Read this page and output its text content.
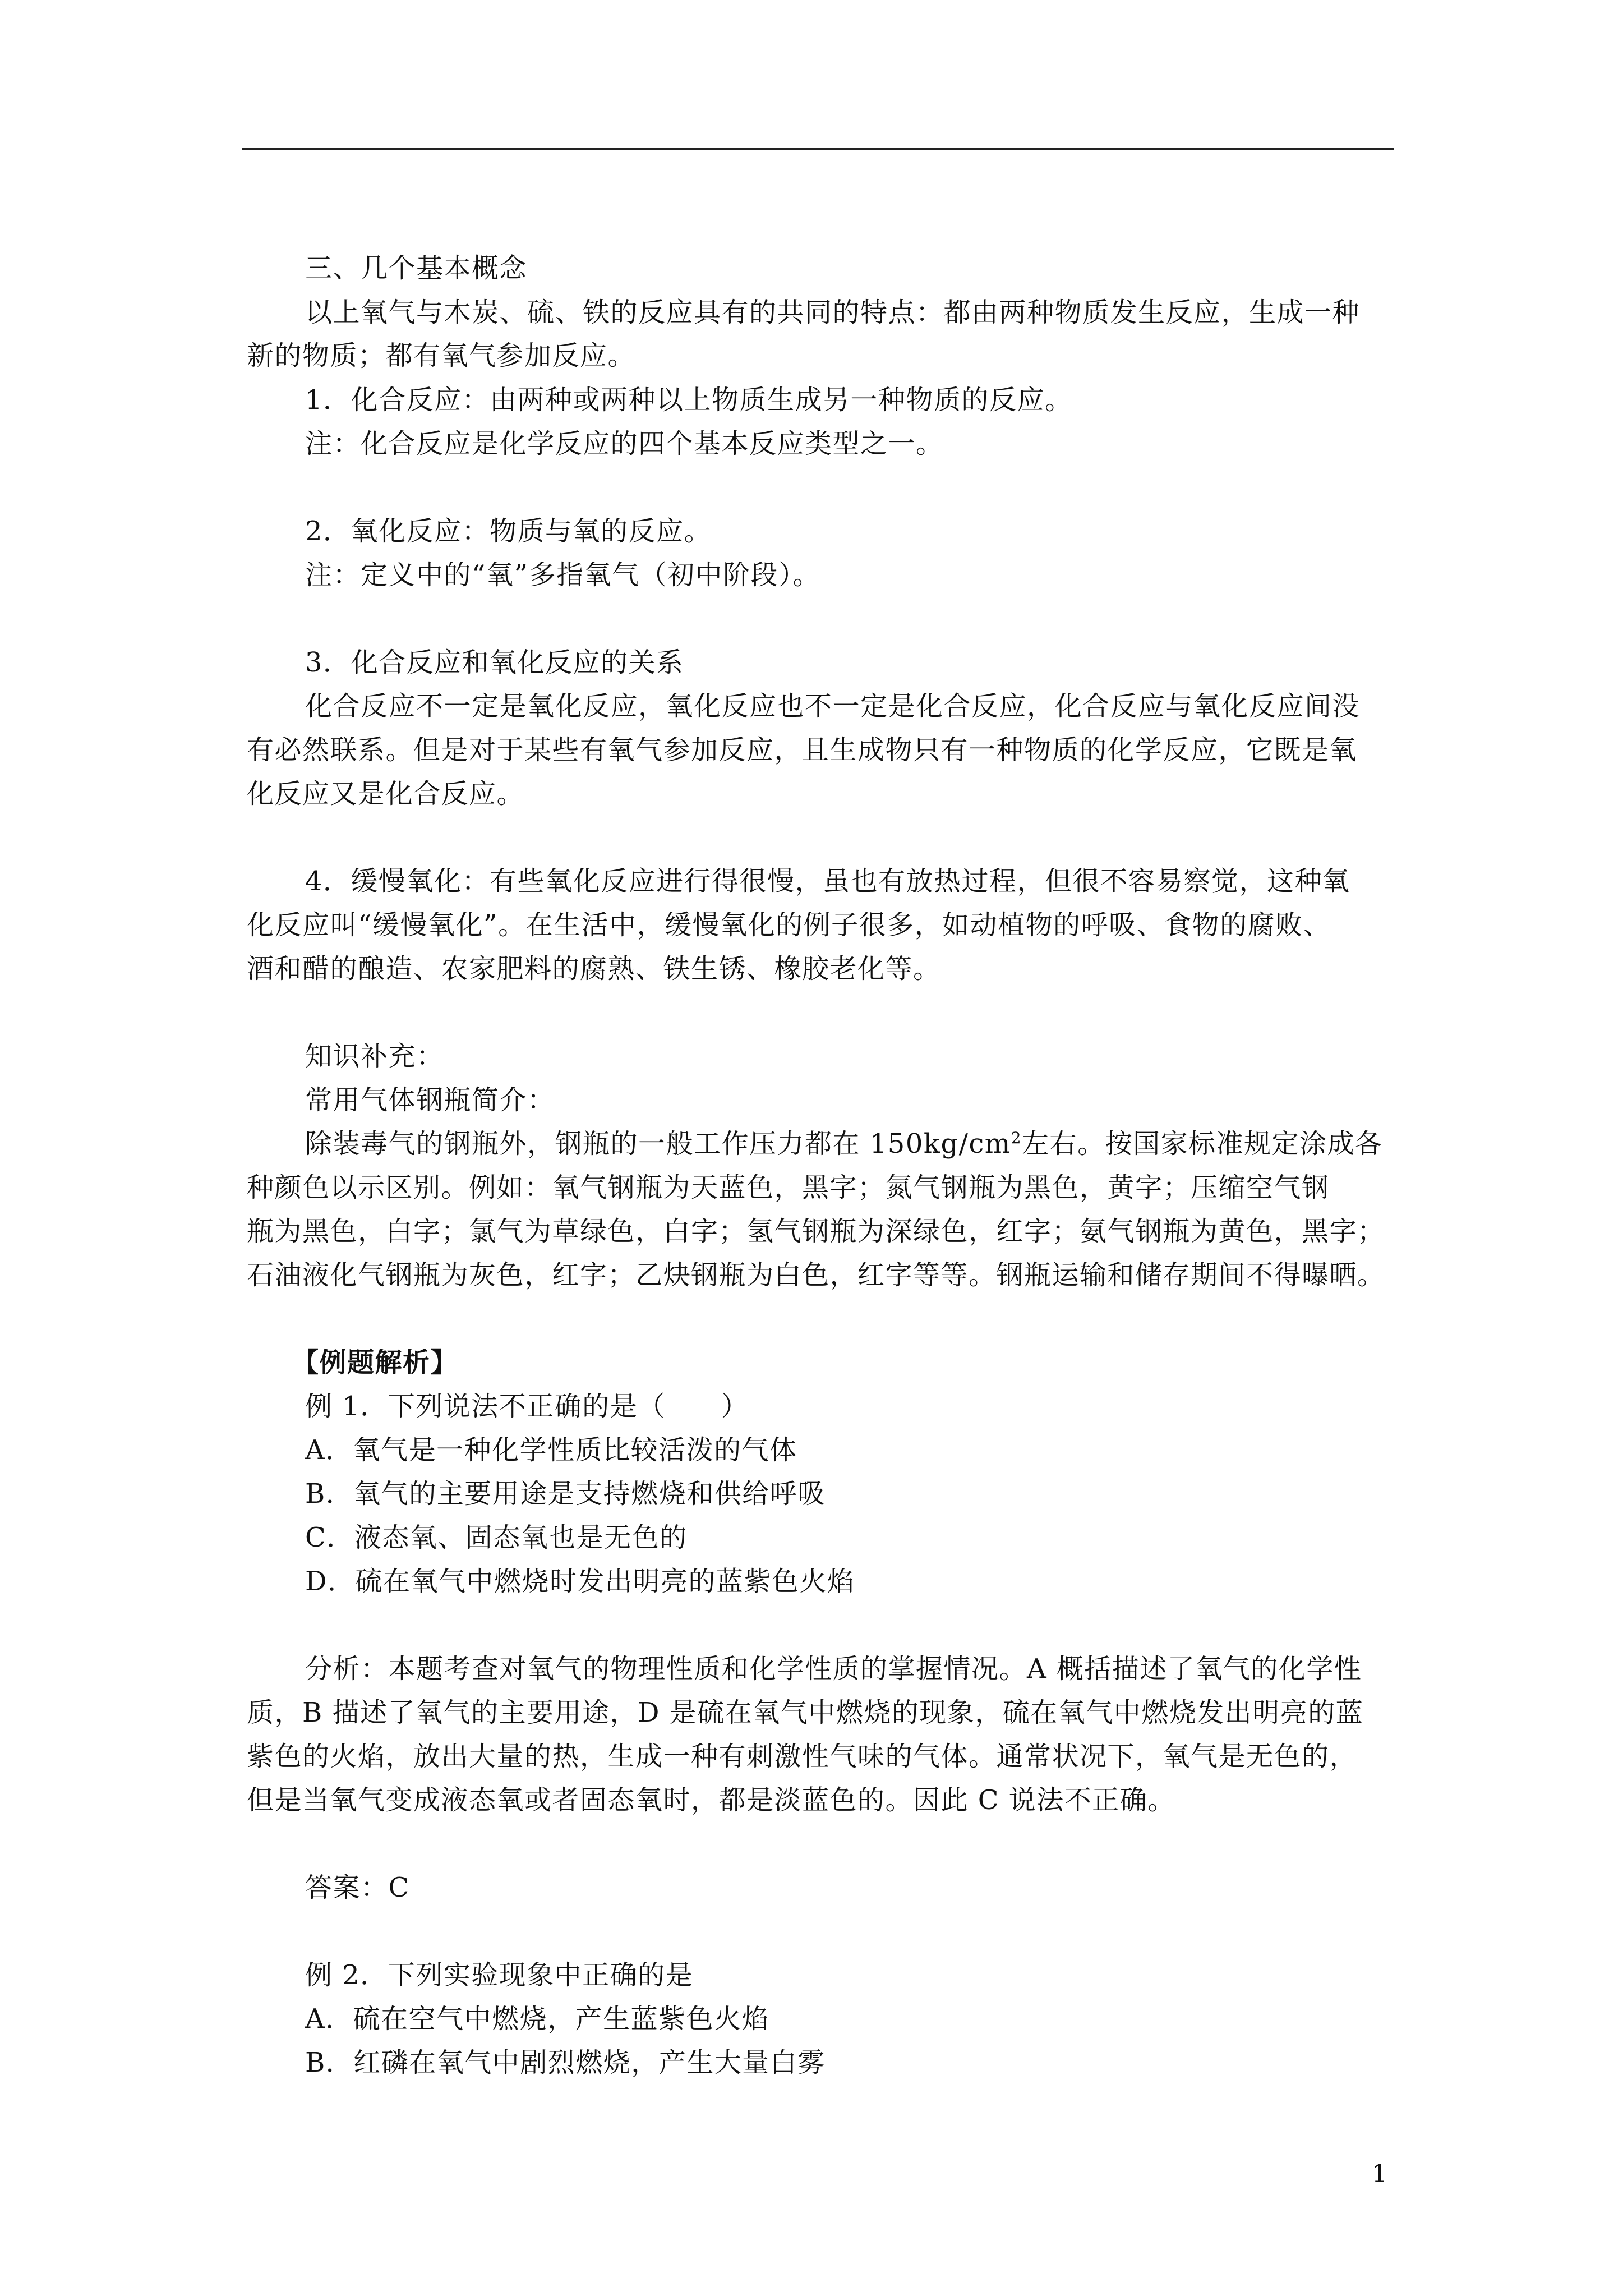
三、几个基本概念
以上氧气与木炭、硫、铁的反应具有的共同的特点：都由两种物质发生反应，生成一种
新的物质；都有氧气参加反应。
1．化合反应：由两种或两种以上物质生成另一种物质的反应。
注：化合反应是化学反应的四个基本反应类型之一。
2．氧化反应：物质与氧的反应。
注：定义中的“氧”多指氧气（初中阶段）。
3．化合反应和氧化反应的关系
化合反应不一定是氧化反应，氧化反应也不一定是化合反应，化合反应与氧化反应间没
有必然联系。但是对于某些有氧气参加反应，且生成物只有一种物质的化学反应，它既是氧
化反应又是化合反应。
4．缓慢氧化：有些氧化反应进行得很慢，虽也有放热过程，但很不容易察觉，这种氧
化反应叫“缓慢氧化”。在生活中，缓慢氧化的例子很多，如动植物的呼吸、食物的腐败、
酒和醋的酿造、农家肥料的腐熟、铁生锈、橡胶老化等。
知识补充：
常用气体钢瓶简介：
除装毒气的钢瓶外，钢瓶的一般工作压力都在 $150kg/cm^2$左右。按国家标准规定涂成各
种颜色以示区别。例如：氧气钢瓶为天蓝色，黑字；氮气钢瓶为黑色，黄字；压缩空气钢
瓶为黑色，白字；氯气为草绿色，白字；氢气钢瓶为深绿色，红字；氨气钢瓶为黄色，黑字；
石油液化气钢瓶为灰色，红字；乙炔钢瓶为白色，红字等等。钢瓶运输和储存期间不得曝晒。
【例题解析】
例 1．下列说法不正确的是（　　）
A．氧气是一种化学性质比较活泼的气体
B．氧气的主要用途是支持燃烧和供给呼吸
C．液态氧、固态氧也是无色的
D．硫在氧气中燃烧时发出明亮的蓝紫色火焰
分析：本题考查对氧气的物理性质和化学性质的掌握情况。A 概括描述了氧气的化学性
质，B 描述了氧气的主要用途，D 是硫在氧气中燃烧的现象，硫在氧气中燃烧发出明亮的蓝
紫色的火焰，放出大量的热，生成一种有刺激性气味的气体。通常状况下，氧气是无色的，
但是当氧气变成液态氧或者固态氧时，都是淡蓝色的。因此 C 说法不正确。
答案：C
例 2．下列实验现象中正确的是
A．硫在空气中燃烧，产生蓝紫色火焰
B．红磷在氧气中剧烈燃烧，产生大量白雾
1
